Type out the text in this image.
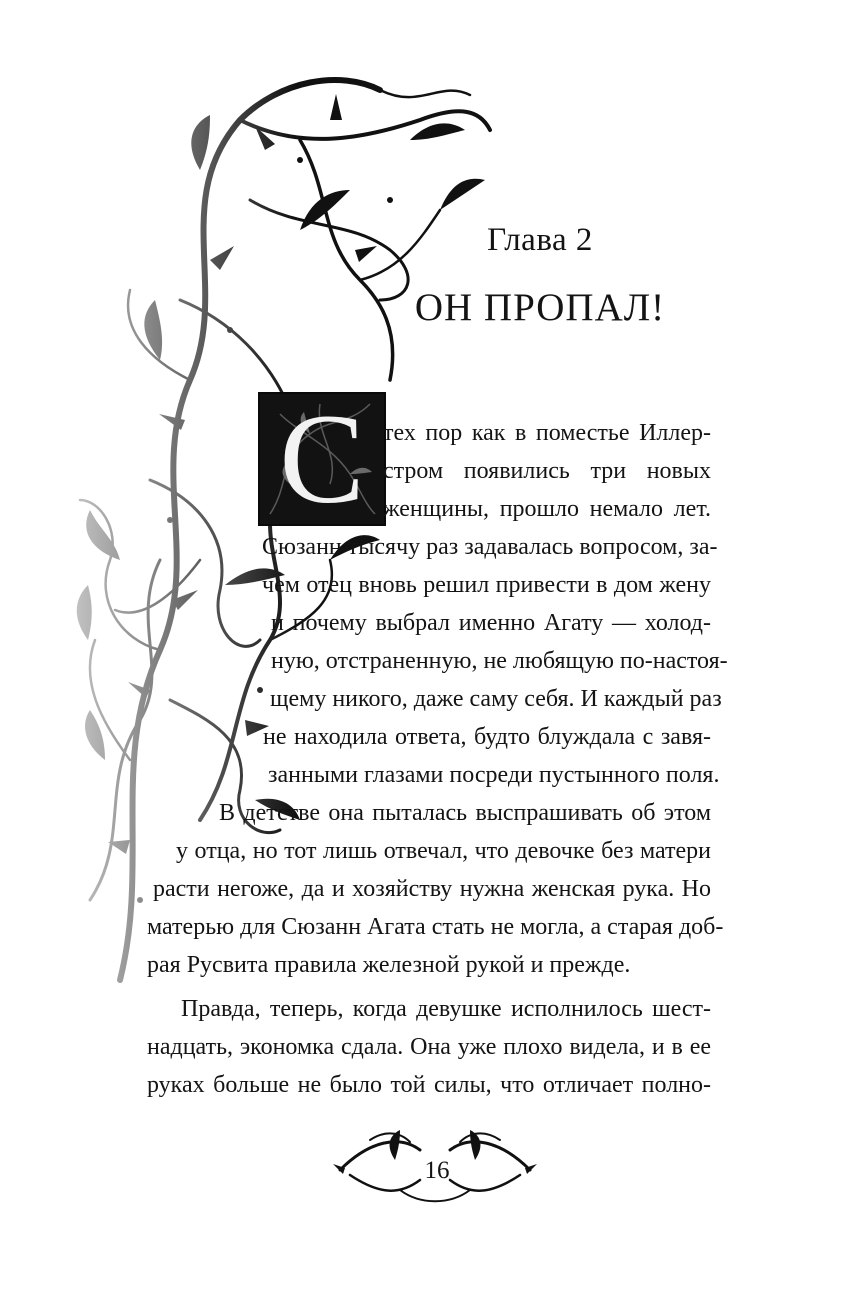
Глава 2
ОН ПРОПАЛ!
С тех пор как в поместье Иллер-
стром появились три новых
женщины, прошло немало лет.
Сюзанн тысячу раз задавалась вопросом, за-
чем отец вновь решил привести в дом жену
и почему выбрал именно Агату — холод-
ную, отстраненную, не любящую по-настоя-
щему никого, даже саму себя. И каждый раз
не находила ответа, будто блуждала с завя-
занными глазами посреди пустынного поля.
В детстве она пыталась выспрашивать об этом
у отца, но тот лишь отвечал, что девочке без матери
расти негоже, да и хозяйству нужна женская рука. Но
матерью для Сюзанн Агата стать не могла, а старая доб-
рая Русвита правила железной рукой и прежде.
Правда, теперь, когда девушке исполнилось шест-
надцать, экономка сдала. Она уже плохо видела, и в ее
руках больше не было той силы, что отличает полно-
16
